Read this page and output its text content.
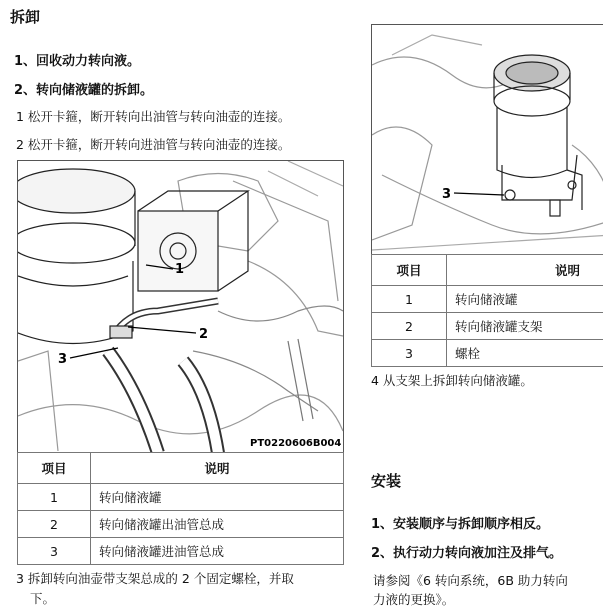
拆卸
1、回收动力转向液。
2、转向储液罐的拆卸。
1 松开卡箍，断开转向出油管与转向油壶的连接。
2 松开卡箍，断开转向进油管与转向油壶的连接。
1
2
3
PT0220606B004
项目	说明
1	转向储液罐
2	转向储液罐出油管总成
3	转向储液罐进油管总成
3 拆卸转向油壶带支架总成的 2 个固定螺栓，并取
下。
3
项目	说明
1	转向储液罐
2	转向储液罐支架
3	螺栓
4 从支架上拆卸转向储液罐。
安装
1、安装顺序与拆卸顺序相反。
2、执行动力转向液加注及排气。
请参阅《6 转向系统，6B 助力转向
力液的更换》。
